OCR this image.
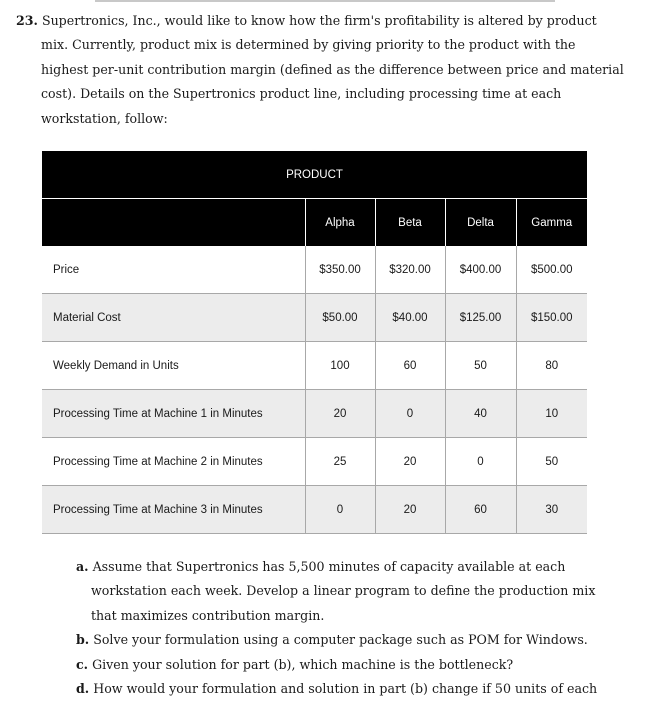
23. Supertronics, Inc., would like to know how the firm's profitability is altered by product
mix. Currently, product mix is determined by giving priority to the product with the
highest per-unit contribution margin (defined as the difference between price and material
cost). Details on the Supertronics product line, including processing time at each
workstation, follow:
PRODUCT				
	Alpha	Beta	Delta	Gamma
Price	$350.00	$320.00	$400.00	$500.00
Material Cost	$50.00	$40.00	$125.00	$150.00
Weekly Demand in Units	100	60	50	80
Processing Time at Machine 1 in Minutes	20	0	40	10
Processing Time at Machine 2 in Minutes	25	20	0	50
Processing Time at Machine 3 in Minutes	0	20	60	30
a. Assume that Supertronics has 5,500 minutes of capacity available at each
workstation each week. Develop a linear program to define the production mix
that maximizes contribution margin.
b. Solve your formulation using a computer package such as POM for Windows.
c. Given your solution for part (b), which machine is the bottleneck?
d. How would your formulation and solution in part (b) change if 50 units of each
